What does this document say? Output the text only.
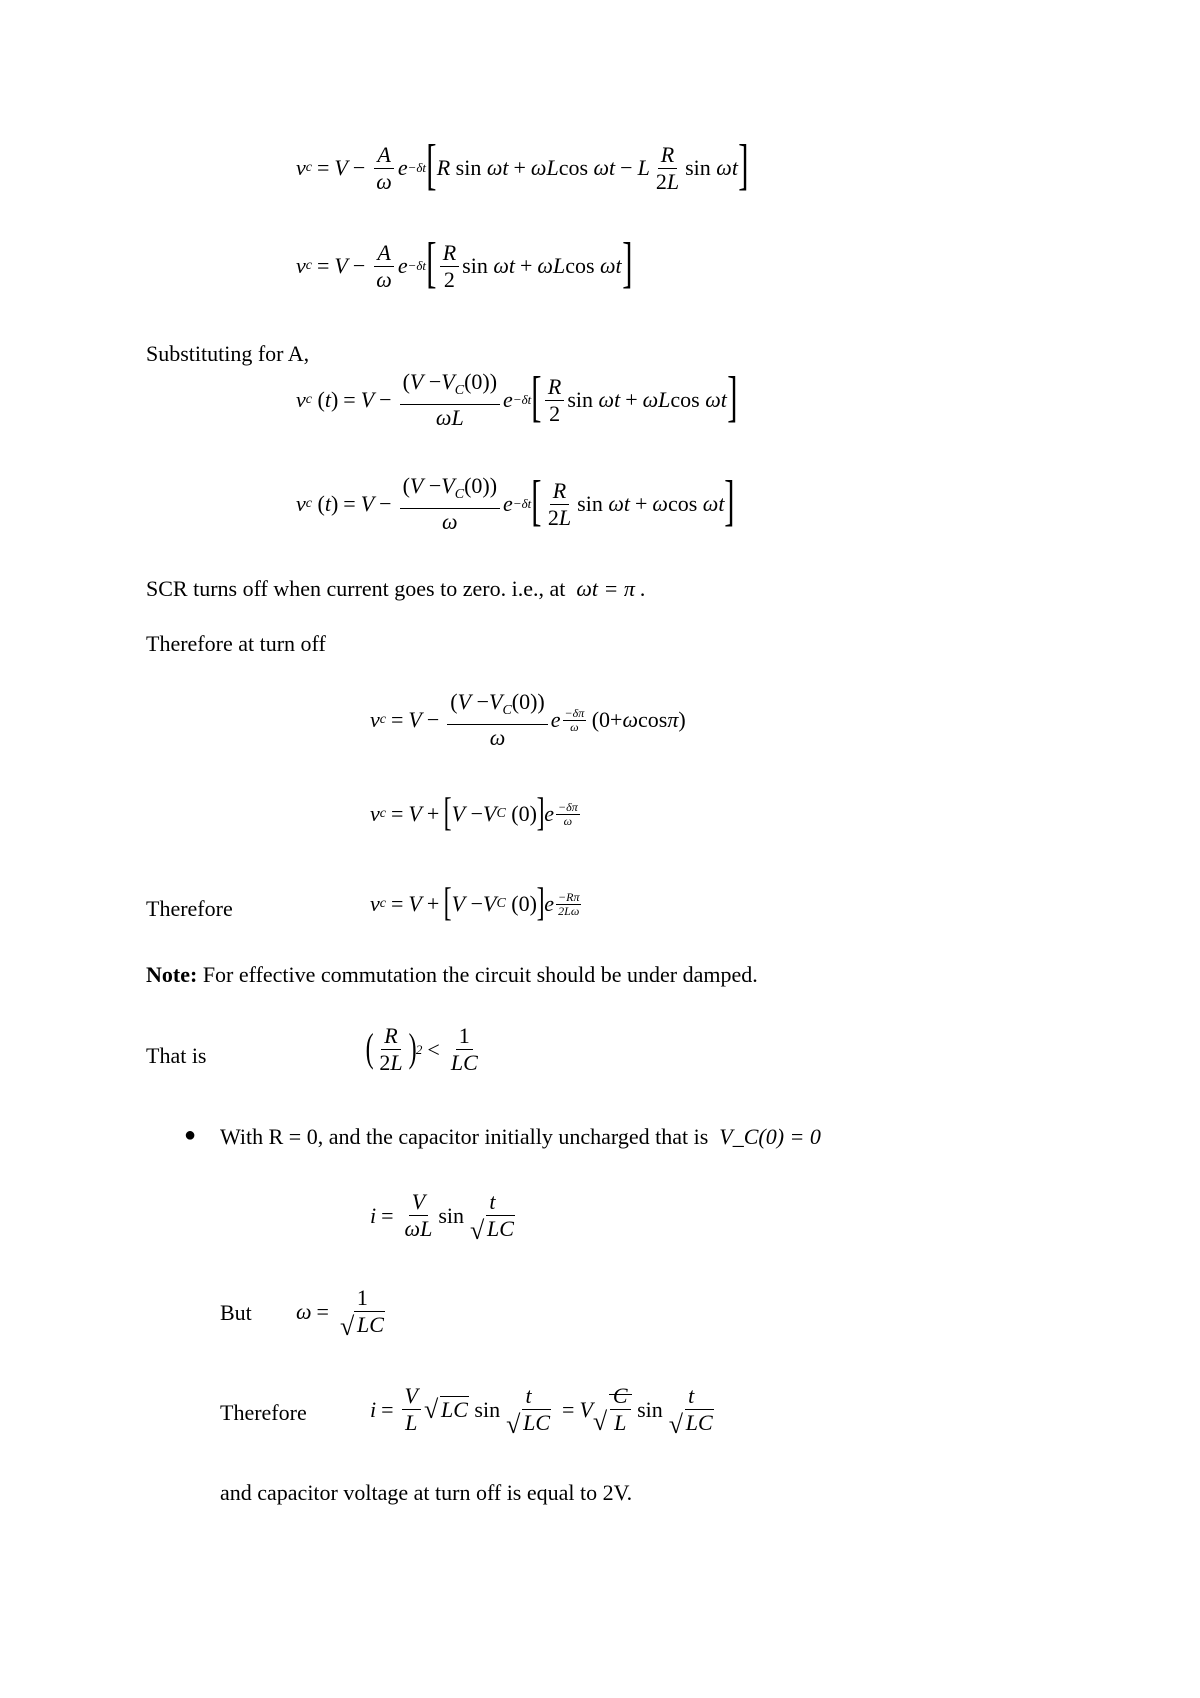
v $c = V - \frac{A}{\omega}$ e −δt [ R sin ωt + ωL cos ωt − L $\frac{R}{2L}$ sin ωt ]
v $c = V - \frac{A}{\omega}$ e −δt [ $\frac{R}{2}$ sin ωt + ωL cos ωt ]
Substituting for A,
v c ( t ) = $V - \frac{(V -V_C(0))}{\omega L}$ e −δt [ $\frac{R}{2}$ sin ωt + ωL cos ωt ]
v c ( t ) = $V - \frac{(V -V_C(0))}{\omega}$ e −δt [ $\frac{R}{2L}$ sin ωt + ω cos ωt ]
SCR turns off when current goes to zero. i.e., at ωt = π .
Therefore at turn off
v $c = V - \frac{(V -V_C(0))}{\omega}$ e −δπ
ω (0+ ω cos π )
v c = V + [ V − V C (0) ] e −δπ
ω
Therefore	v c = V + [ V − V C (0) ] e −Rπ
2Lω
Note: For effective commutation the circuit should be under damped.
That is	( $\frac{R}{2L}$ ) $2 < \frac{1}{LC}$
● With R = 0, and the capacitor initially uncharged that is V_C(0) = 0
$i = \frac{V}{\omega L}$ sin t
√ LC
But ω = 1
√ LC
Therefore	$i = \frac{V}{L}$ √ LC sin t
√ LC = V √ $\frac{C}{L}$ sin t
√ LC
and capacitor voltage at turn off is equal to 2V.
